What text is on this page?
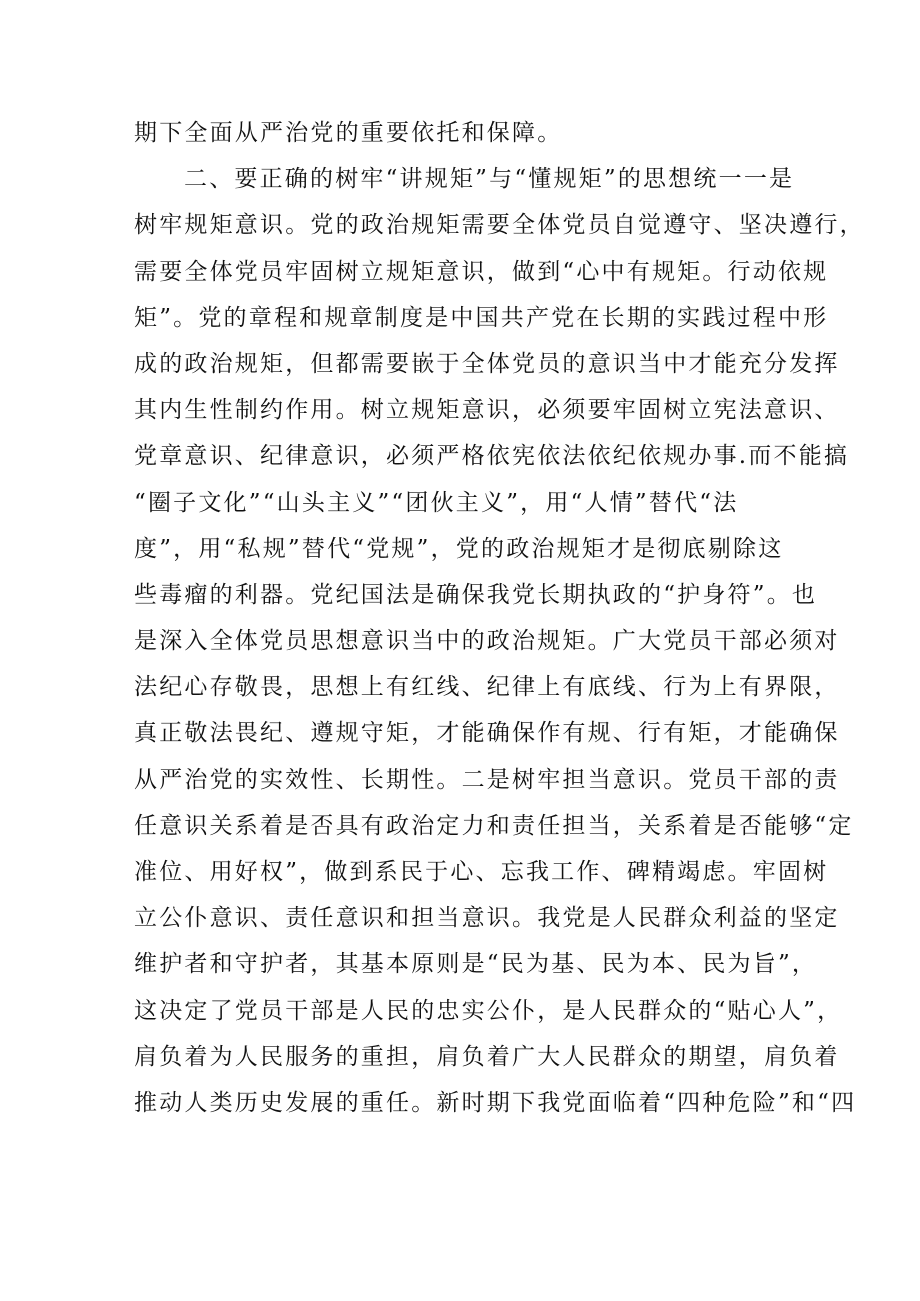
期下全面从严治党的重要依托和保障。
二、要正确的树牢“讲规矩”与“懂规矩”的思想统一一是
树牢规矩意识。党的政治规矩需要全体党员自觉遵守、坚决遵行，
需要全体党员牢固树立规矩意识，做到“心中有规矩。行动依规
矩”。党的章程和规章制度是中国共产党在长期的实践过程中形
成的政治规矩，但都需要嵌于全体党员的意识当中才能充分发挥
其内生性制约作用。树立规矩意识，必须要牢固树立宪法意识、
党章意识、纪律意识，必须严格依宪依法依纪依规办事.而不能搞
“圈子文化”“山头主义”“团伙主义”，用“人情”替代“法
度”，用“私规”替代“党规”，党的政治规矩才是彻底剔除这
些毒瘤的利器。党纪国法是确保我党长期执政的“护身符”。也
是深入全体党员思想意识当中的政治规矩。广大党员干部必须对
法纪心存敬畏，思想上有红线、纪律上有底线、行为上有界限，
真正敬法畏纪、遵规守矩，才能确保作有规、行有矩，才能确保
从严治党的实效性、长期性。二是树牢担当意识。党员干部的责
任意识关系着是否具有政治定力和责任担当，关系着是否能够“定
准位、用好权”，做到系民于心、忘我工作、碑精竭虑。牢固树
立公仆意识、责任意识和担当意识。我党是人民群众利益的坚定
维护者和守护者，其基本原则是“民为基、民为本、民为旨”，
这决定了党员干部是人民的忠实公仆，是人民群众的“贴心人”，
肩负着为人民服务的重担，肩负着广大人民群众的期望，肩负着
推动人类历史发展的重任。新时期下我党面临着“四种危险”和“四
